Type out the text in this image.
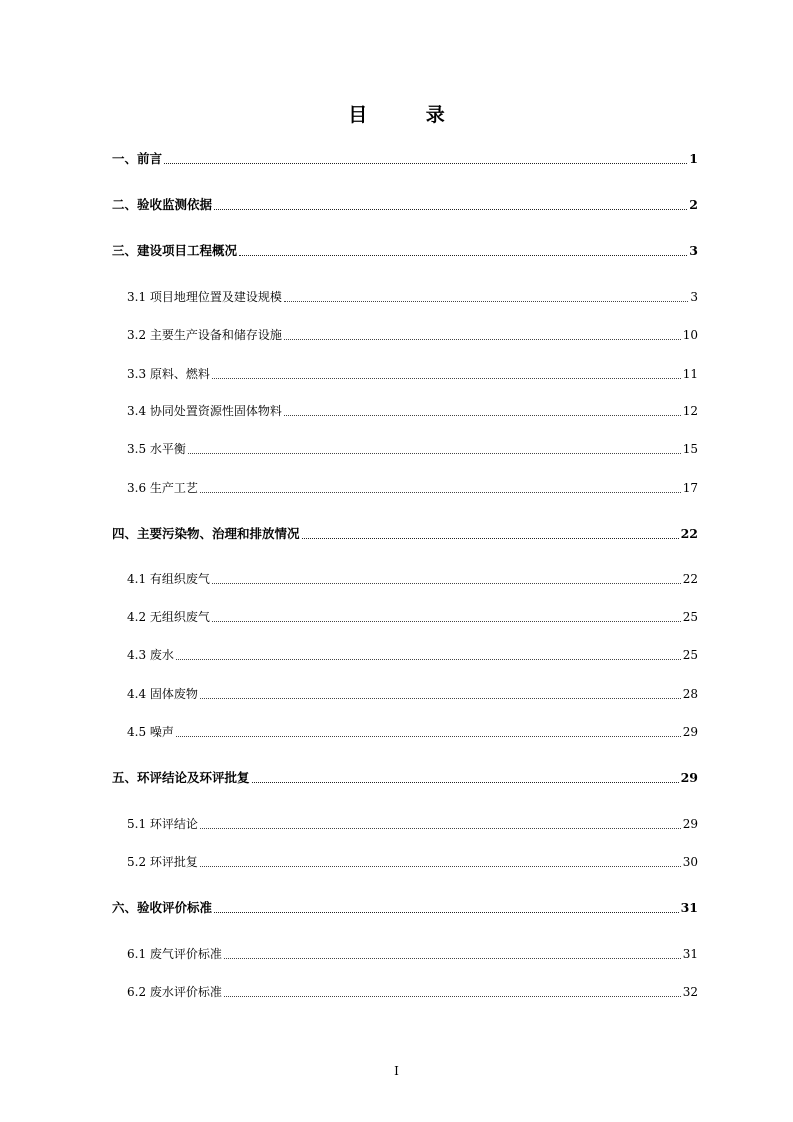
目 录
一、前言	1
二、验收监测依据	2
三、建设项目工程概况	3
3.1 项目地理位置及建设规模	3
3.2 主要生产设备和储存设施	10
3.3 原料、燃料	11
3.4 协同处置资源性固体物料	12
3.5 水平衡	15
3.6 生产工艺	17
四、主要污染物、治理和排放情况	22
4.1 有组织废气	22
4.2 无组织废气	25
4.3 废水	25
4.4 固体废物	28
4.5 噪声	29
五、环评结论及环评批复	29
5.1 环评结论	29
5.2 环评批复	30
六、验收评价标准	31
6.1 废气评价标准	31
6.2 废水评价标准	32
I
